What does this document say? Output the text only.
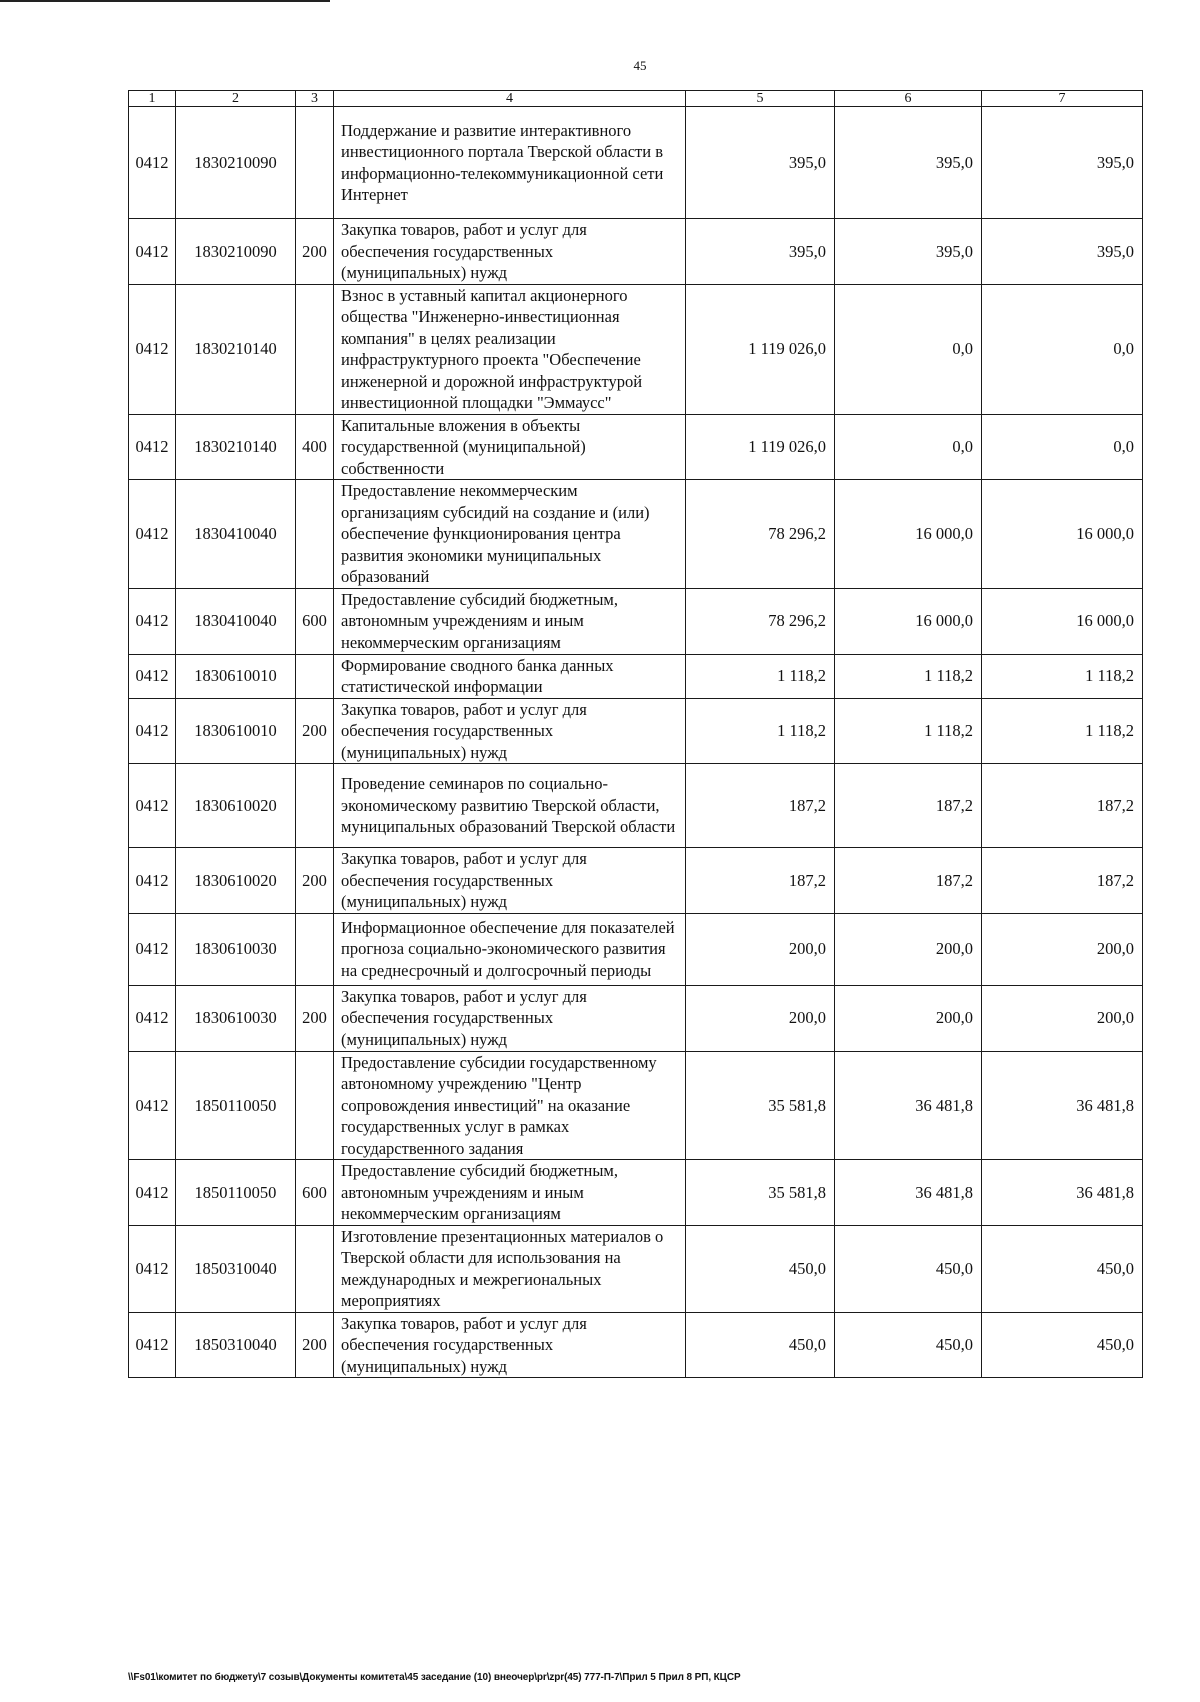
45
1	2	3	4	5	6	7
0412	1830210090		Поддержание и развитие интерактивного инвестиционного портала Тверской области в информационно-телекоммуникационной сети Интернет	395,0	395,0	395,0
0412	1830210090	200	Закупка товаров, работ и услуг для обеспечения государственных (муниципальных) нужд	395,0	395,0	395,0
0412	1830210140		Взнос в уставный капитал акционерного общества "Инженерно-инвестиционная компания" в целях реализации инфраструктурного проекта "Обеспечение инженерной и дорожной инфраструктурой инвестиционной площадки "Эммаусс"	1 119 026,0	0,0	0,0
0412	1830210140	400	Капитальные вложения в объекты государственной (муниципальной) собственности	1 119 026,0	0,0	0,0
0412	1830410040		Предоставление некоммерческим организациям субсидий на создание и (или) обеспечение функционирования центра развития экономики муниципальных образований	78 296,2	16 000,0	16 000,0
0412	1830410040	600	Предоставление субсидий бюджетным, автономным учреждениям и иным некоммерческим организациям	78 296,2	16 000,0	16 000,0
0412	1830610010		Формирование сводного банка данных статистической информации	1 118,2	1 118,2	1 118,2
0412	1830610010	200	Закупка товаров, работ и услуг для обеспечения государственных (муниципальных) нужд	1 118,2	1 118,2	1 118,2
0412	1830610020		Проведение семинаров по социально-экономическому развитию Тверской области, муниципальных образований Тверской области	187,2	187,2	187,2
0412	1830610020	200	Закупка товаров, работ и услуг для обеспечения государственных (муниципальных) нужд	187,2	187,2	187,2
0412	1830610030		Информационное обеспечение для показателей прогноза социально-экономического развития на среднесрочный и долгосрочный периоды	200,0	200,0	200,0
0412	1830610030	200	Закупка товаров, работ и услуг для обеспечения государственных (муниципальных) нужд	200,0	200,0	200,0
0412	1850110050		Предоставление субсидии государственному автономному учреждению "Центр сопровождения инвестиций" на оказание государственных услуг в рамках государственного задания	35 581,8	36 481,8	36 481,8
0412	1850110050	600	Предоставление субсидий бюджетным, автономным учреждениям и иным некоммерческим организациям	35 581,8	36 481,8	36 481,8
0412	1850310040		Изготовление презентационных материалов о Тверской области для использования на международных и межрегиональных мероприятиях	450,0	450,0	450,0
0412	1850310040	200	Закупка товаров, работ и услуг для обеспечения государственных (муниципальных) нужд	450,0	450,0	450,0
\\Fs01\комитет по бюджету\7 созыв\Документы комитета\45 заседание (10) внеочер\pr\zpr(45) 777-П-7\Прил 5 Прил 8 РП, КЦСР
